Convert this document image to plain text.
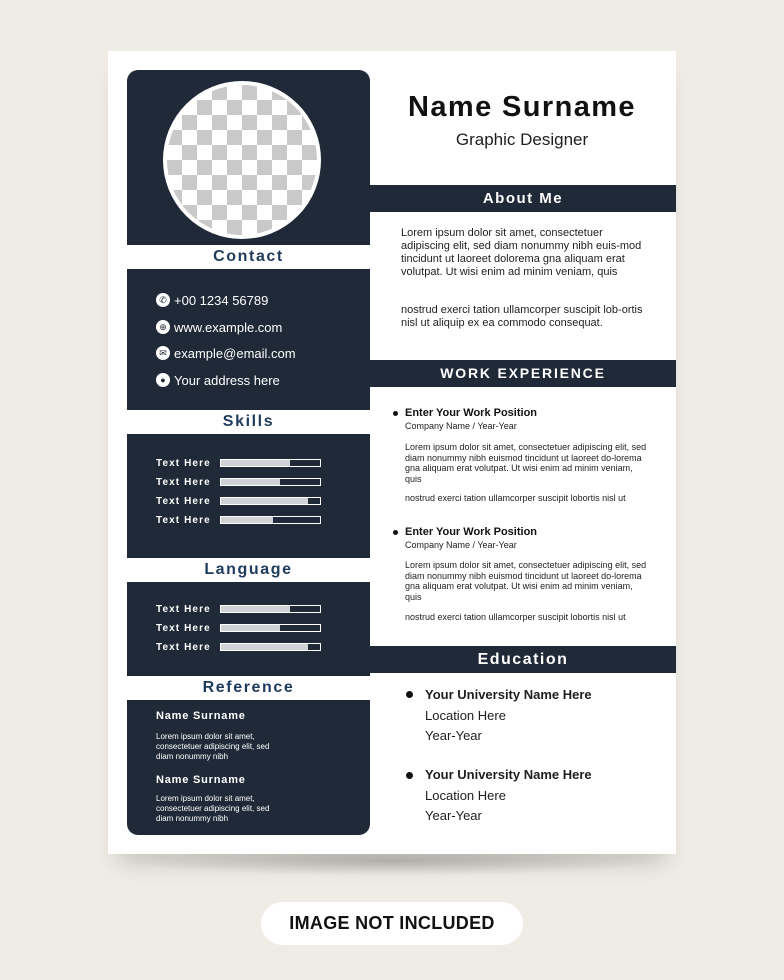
Contact
✆ +00 1234 56789
⊕ www.example.com
✉ example@email.com
● Your address here
Skills
Text Here
Text Here
Text Here
Text Here
Language
Text Here
Text Here
Text Here
Reference
Name Surname
Lorem ipsum dolor sit amet, consectetuer adipiscing elit, sed diam nonummy nibh
Name Surname
Lorem ipsum dolor sit amet, consectetuer adipiscing elit, sed diam nonummy nibh
Name Surname
Graphic Designer
About Me
Lorem ipsum dolor sit amet, consectetuer adipiscing elit, sed diam nonummy nibh euis-mod tincidunt ut laoreet dolorema gna aliquam erat volutpat. Ut wisi enim ad minim veniam, quis
nostrud exerci tation ullamcorper suscipit lob-ortis nisl ut aliquip ex ea commodo consequat.
WORK EXPERIENCE
Enter Your Work Position
Company Name / Year-Year
Lorem ipsum dolor sit amet, consectetuer adipiscing elit, sed diam nonummy nibh euismod tincidunt ut laoreet do-lorema gna aliquam erat volutpat. Ut wisi enim ad minim veniam, quis
nostrud exerci tation ullamcorper suscipit lobortis nisl ut
Enter Your Work Position
Company Name / Year-Year
Lorem ipsum dolor sit amet, consectetuer adipiscing elit, sed diam nonummy nibh euismod tincidunt ut laoreet do-lorema gna aliquam erat volutpat. Ut wisi enim ad minim veniam, quis
nostrud exerci tation ullamcorper suscipit lobortis nisl ut
Education
Your University Name Here
Location Here
Year-Year
Your University Name Here
Location Here
Year-Year
IMAGE NOT INCLUDED
